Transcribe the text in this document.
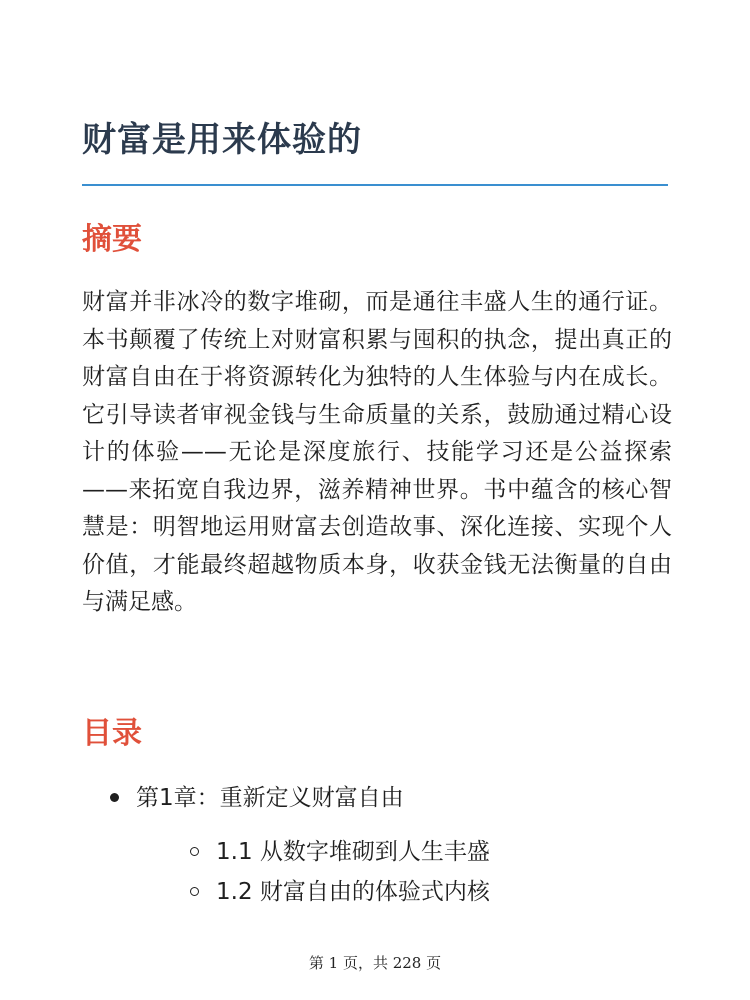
财富是用来体验的
摘要

财富并非冰冷的数字堆砌，而是通往丰盛人生的通行证。本书颠覆了传统上对财富积累与囤积的执念，提出真正的财富自由在于将资源转化为独特的人生体验与内在成长。它引导读者审视金钱与生命质量的关系，鼓励通过精心设计的体验——无论是深度旅行、技能学习还是公益探索——来拓宽自我边界，滋养精神世界。书中蕴含的核心智慧是：明智地运用财富去创造故事、深化连接、实现个人价值，才能最终超越物质本身，收获金钱无法衡量的自由与满足感。

目录
第1章：重新定义财富自由
1.1 从数字堆砌到人生丰盛
1.2 财富自由的体验式内核
第 1 页，共 228 页
